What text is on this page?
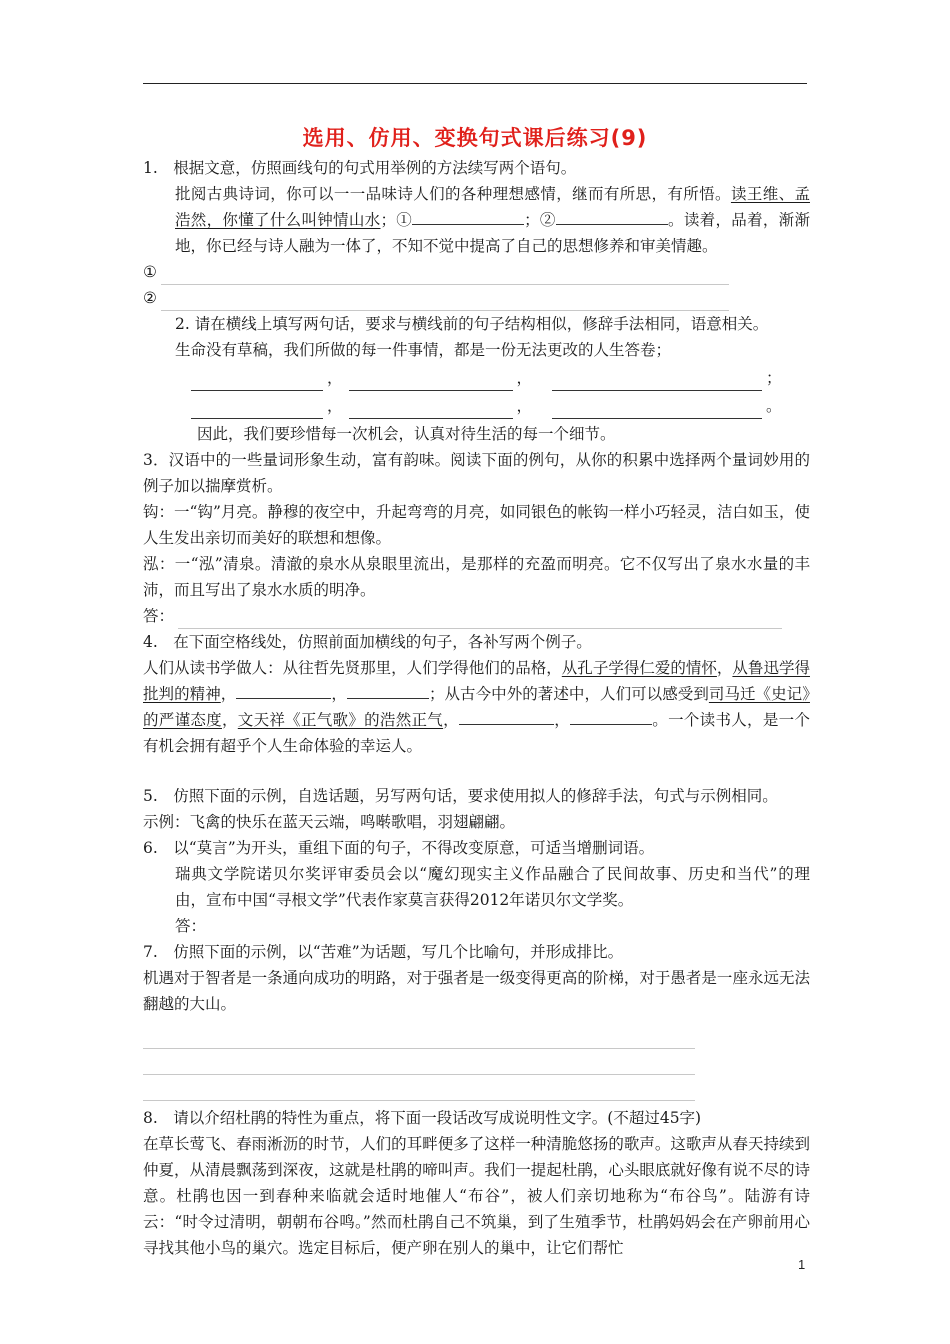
选用、仿用、变换句式课后练习(9)

1.　根据文意，仿照画线句的句式用举例的方法续写两个语句。

批阅古典诗词，你可以一一品味诗人们的各种理想感情，继而有所思，有所悟。读王维、孟浩然，你懂了什么叫钟情山水；①	；②	。读着，品着，渐渐地，你已经与诗人融为一体了，不知不觉中提高了自己的思想修养和审美情趣。

①
②

2. 请在横线上填写两句话，要求与横线前的句子结构相似，修辞手法相同，语意相关。

生命没有草稿，我们所做的每一件事情，都是一份无法更改的人生答卷；

，	，	；
，	，	。

因此，我们要珍惜每一次机会，认真对待生活的每一个细节。

3．汉语中的一些量词形象生动，富有韵味。阅读下面的例句，从你的积累中选择两个量词妙用的例子加以揣摩赏析。

钩：一“钩”月亮。静穆的夜空中，升起弯弯的月亮，如同银色的帐钩一样小巧轻灵，洁白如玉，使人生发出亲切而美好的联想和想像。

泓：一“泓”清泉。清澈的泉水从泉眼里流出，是那样的充盈而明亮。它不仅写出了泉水水量的丰沛，而且写出了泉水水质的明净。

答：

4.　在下面空格线处，仿照前面加横线的句子，各补写两个例子。

人们从读书学做人：从往哲先贤那里，人们学得他们的品格，从孔子学得仁爱的情怀，从鲁迅学得批判的精神，	，	；从古今中外的著述中，人们可以感受到司马迁《史记》的严谨态度，文天祥《正气歌》的浩然正气，	，	。一个读书人，是一个有机会拥有超乎个人生命体验的幸运人。

5.　仿照下面的示例，自选话题，另写两句话，要求使用拟人的修辞手法，句式与示例相同。

示例：飞禽的快乐在蓝天云端，鸣啭歌唱，羽翅翩翩。

6.　以“莫言”为开头，重组下面的句子，不得改变原意，可适当增删词语。

瑞典文学院诺贝尔奖评审委员会以“魔幻现实主义作品融合了民间故事、历史和当代”的理由，宣布中国“寻根文学”代表作家莫言获得2012年诺贝尔文学奖。

答：

7.　仿照下面的示例，以“苦难”为话题，写几个比喻句，并形成排比。

机遇对于智者是一条通向成功的明路，对于强者是一级变得更高的阶梯，对于愚者是一座永远无法翻越的大山。

8.　请以介绍杜鹃的特性为重点，将下面一段话改写成说明性文字。(不超过45字)

在草长莺飞、春雨淅沥的时节，人们的耳畔便多了这样一种清脆悠扬的歌声。这歌声从春天持续到仲夏，从清晨飘荡到深夜，这就是杜鹃的啼叫声。我们一提起杜鹃，心头眼底就好像有说不尽的诗意。杜鹃也因一到春种来临就会适时地催人“布谷”，被人们亲切地称为“布谷鸟”。陆游有诗云：“时令过清明，朝朝布谷鸣。”然而杜鹃自己不筑巢，到了生殖季节，杜鹃妈妈会在产卵前用心寻找其他小鸟的巢穴。选定目标后，便产卵在别人的巢中，让它们帮忙

1
